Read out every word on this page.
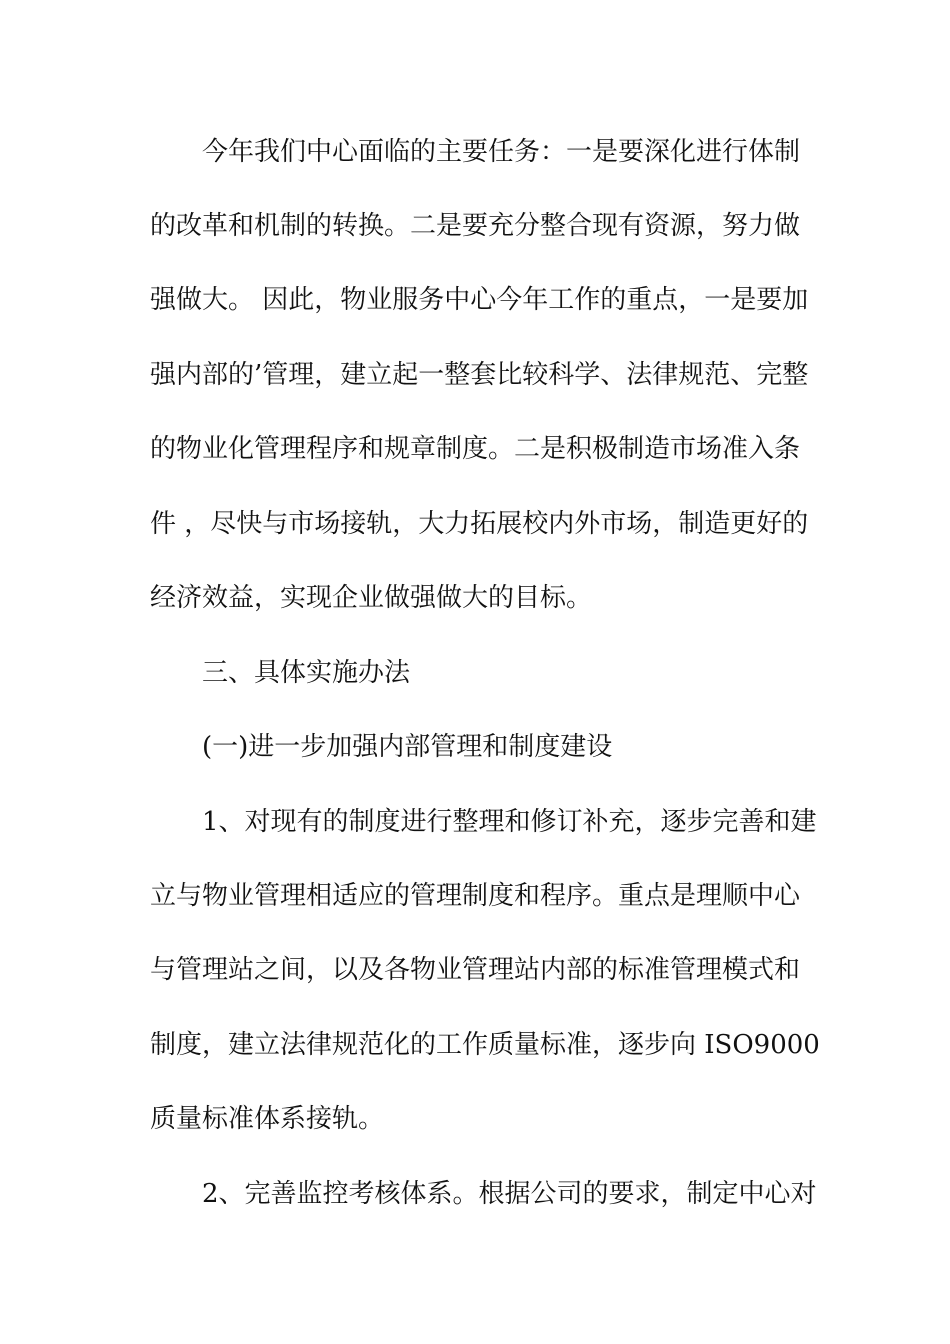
今年我们中心面临的主要任务：一是要深化进行体制
的改革和机制的转换。二是要充分整合现有资源，努力做
强做大。 因此，物业服务中心今年工作的重点，一是要加
强内部的’管理，建立起一整套比较科学、法律规范、完整
的物业化管理程序和规章制度。二是积极制造市场准入条
件 ，尽快与市场接轨，大力拓展校内外市场，制造更好的
经济效益，实现企业做强做大的目标。
三、具体实施办法
(一)进一步加强内部管理和制度建设
1、对现有的制度进行整理和修订补充，逐步完善和建
立与物业管理相适应的管理制度和程序。重点是理顺中心
与管理站之间，以及各物业管理站内部的标准管理模式和
制度，建立法律规范化的工作质量标准，逐步向 ISO9000
质量标准体系接轨。
2、完善监控考核体系。根据公司的要求，制定中心对
